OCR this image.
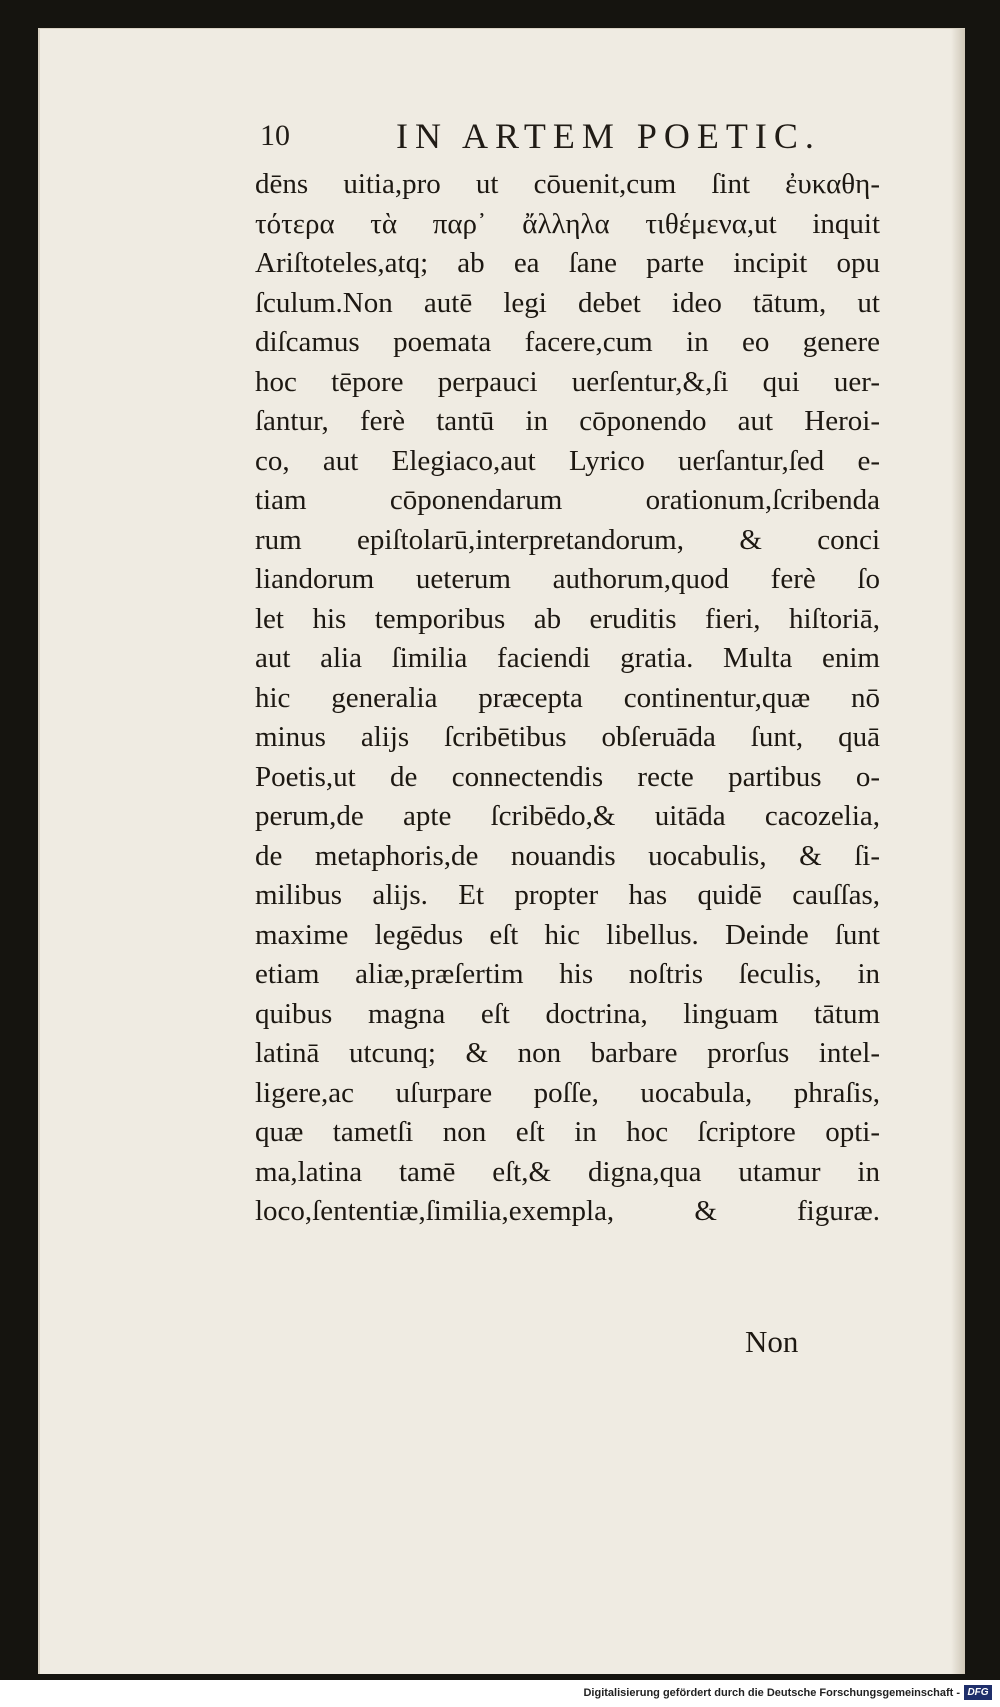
10	IN ARTEM POETIC.
dēns uitia,pro ut cōuenit,cum ſint ἐυκαθη-
τότερα τὰ παρ᾽ ἄλληλα τιθέμενα,ut inquit
Ariſtoteles,atq; ab ea ſane parte incipit opu
ſculum.Non autē legi debet ideo tātum, ut
diſcamus poemata facere,cum in eo genere
hoc tēpore perpauci uerſentur,&,ſi qui uer-
ſantur, ferè tantū in cōponendo aut Heroi-
co, aut Elegiaco,aut Lyrico uerſantur,ſed e-
tiam cōponendarum orationum,ſcribenda
rum epiſtolarū,interpretandorum, & conci
liandorum ueterum authorum,quod ferè ſo
let his temporibus ab eruditis fieri, hiſtoriā,
aut alia ſimilia faciendi gratia. Multa enim
hic generalia præcepta continentur,quæ nō
minus aliјs ſcribētibus obſeruāda ſunt, quā
Poetis,ut de connectendis recte partibus o-
perum,de apte ſcribēdo,& uitāda cacozelia,
de metaphoris,de nouandis uocabulis, & ſi-
milibus aliјs. Et propter has quidē cauſſas,
maxime legēdus eſt hic libellus. Deinde ſunt
etiam aliæ,præſertim his noſtris ſeculis, in
quibus magna eſt doctrina, linguam tātum
latinā utcunq; & non barbare prorſus intel-
ligere,ac uſurpare poſſe, uocabula, phraſis,
quæ tametſi non eſt in hoc ſcriptore opti-
ma,latina tamē eſt,& digna,qua utamur in
loco,ſententiæ,ſimilia,exempla, & figuræ.
Non
Digitalisierung gefördert durch die Deutsche Forschungsgemeinschaft - DFG
